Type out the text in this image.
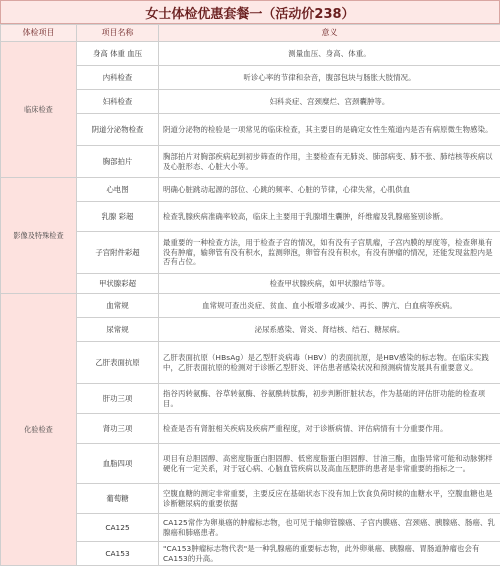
女士体检优惠套餐一（活动价238）
体检项目	项目名称	意义
临床检查	身高 体重 血压	测量血压、身高、体重。
	内科检查	听诊心率的节律和杂音，腹部包块与肠胀大肢情况。
	妇科检查	妇科炎症、宫颈糜烂、宫颈囊肿等。
	阴道分泌物检查	阴道分泌物的检验是一项常见的临床检查，其主要目的是确定女性生殖道内是否有病原微生物感染。
	胸部拍片	胸部拍片对胸部疾病起到初步筛查的作用，主要检查有无肺炎、肺部病变、肺不张、肺结核等疾病以及心脏形态、心脏大小等。
影像及特殊检查	心电图	明确心脏跳动起源的部位、心跳的频率、心脏的节律，心律失常，心肌供血
	乳腺 彩超	检查乳腺疾病准确率较高，临床上主要用于乳腺增生囊肿，纤维瘤及乳腺癌鉴别诊断。
	子宫附件彩超	最重要的一种检查方法，用于检查子宫的情况，如有没有子宫肌瘤，子宫内膜的厚度等，检查卵巢有没有肿瘤，输卵管有没有积水，监测卵泡，卵管有没有积水，有没有肿瘤的情况，还能发现盆腔内是否有占位。
	甲状腺彩超	检查甲状腺疾病，如甲状腺结节等。
化验检查	血常规	血常规可查出炎症、贫血、血小板增多或减少、再长、脾亢、白血病等疾病。
	尿常规	泌尿系感染、肾炎、肾结核、结石、糖尿病。
	乙肝表面抗原	乙肝表面抗原（HBsAg）是乙型肝炎病毒（HBV）的表面抗原，是HBV感染的标志物。在临床实践中，乙肝表面抗原的检测对于诊断乙型肝炎、评估患者感染状况和预测病情发展具有重要意义。
	肝功三项	指谷丙转氨酶、谷草转氨酶、谷氨酰转肽酶，初步判断肝脏状态，作为基础的评估肝功能的检查项目。
	肾功三项	检查是否有肾脏相关疾病及疾病严重程度，对于诊断病情、评估病情有十分重要作用。
	血脂四项	项目有总胆固醇、高密度脂蛋白胆固醇、低密度脂蛋白胆固醇、甘油三酯，血脂异常可能和动脉粥样硬化有一定关系，对于冠心病、心脑血管疾病以及高血压肥胖的患者是非常重要的指标之一。
	葡萄糖	空腹血糖的测定非常重要，主要反应在基础状态下没有加上饮食负荷时候的血糖水平，空腹血糖也是诊断糖尿病的重要依据
	CA125	CA125常作为卵巢癌的肿瘤标志物，也可见于输卵管腺癌、子宫内膜癌、宫颈癌、胰腺癌、肠癌、乳腺癌和肺癌患者。
	CA153	"CA153肿瘤标志物代表"是一种乳腺癌的重要标志物，此外卵巢癌、胰腺癌、胃肠道肿瘤也会有CA153的升高。
